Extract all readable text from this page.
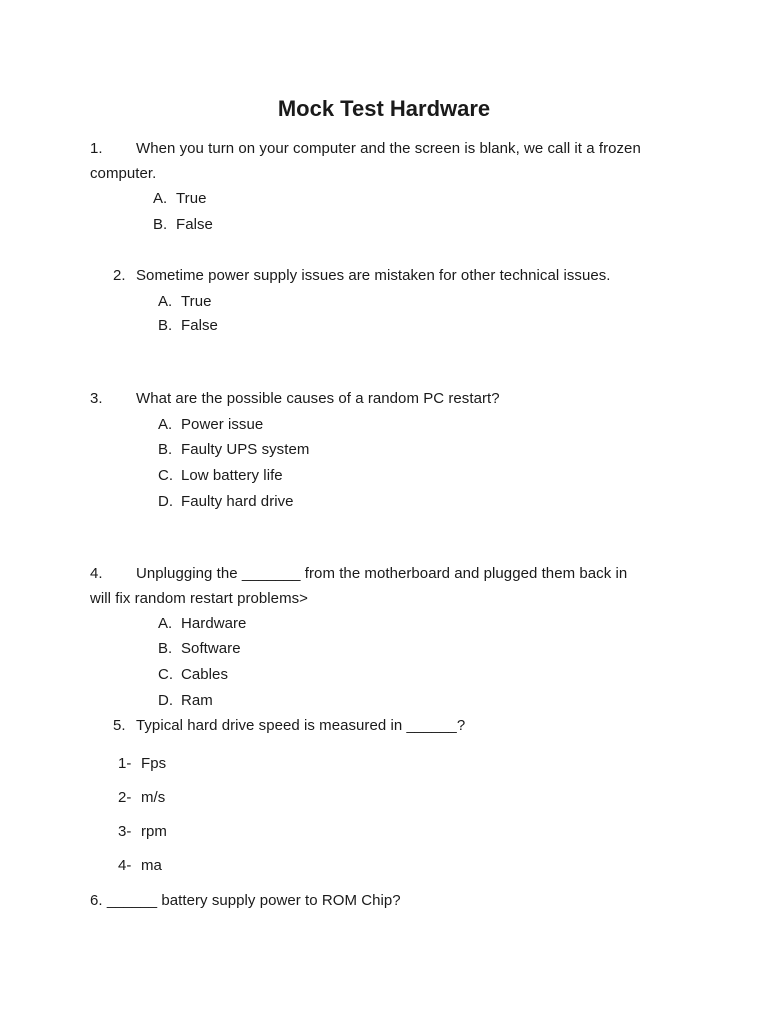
Mock Test Hardware
1. When you turn on your computer and the screen is blank, we call it a frozen
computer.
A. True
B. False
2. Sometime power supply issues are mistaken for other technical issues.
A. True
B. False
3. What are the possible causes of a random PC restart?
A. Power issue
B. Faulty UPS system
C. Low battery life
D. Faulty hard drive
4. Unplugging the _______ from the motherboard and plugged them back in
will fix random restart problems>
A. Hardware
B. Software
C. Cables
D. Ram
5. Typical hard drive speed is measured in ______?
1- Fps
2- m/s
3- rpm
4- ma
6. ______ battery supply power to ROM Chip?
